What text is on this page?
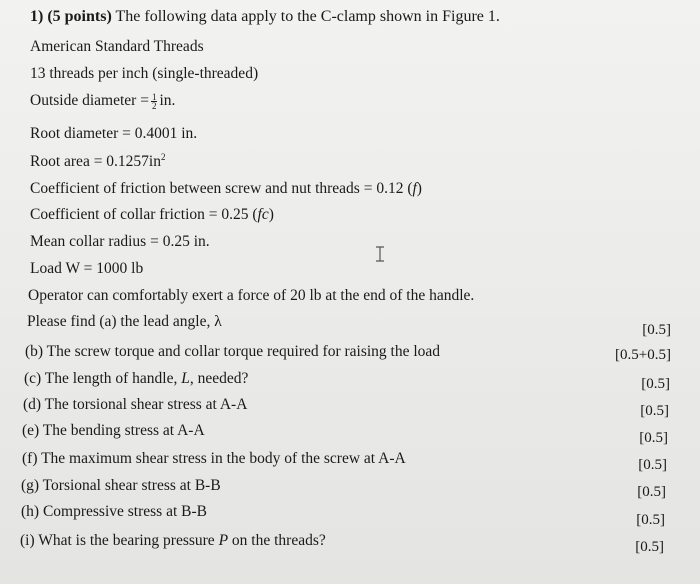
1) (5 points) The following data apply to the C-clamp shown in Figure 1.
American Standard Threads
13 threads per inch (single-threaded)
Outside diameter = $\frac{1}{2}$ in.
Root diameter = 0.4001 in.
Root area = $0.1257in^2$
Coefficient of friction between screw and nut threads = 0.12 (f)
Coefficient of collar friction = 0.25 (fc)
Mean collar radius = 0.25 in.
Load W = 1000 lb
Operator can comfortably exert a force of 20 lb at the end of the handle.
Please find (a) the lead angle, λ
(b) The screw torque and collar torque required for raising the load
(c) The length of handle, L, needed?
(d) The torsional shear stress at A-A
(e) The bending stress at A-A
(f) The maximum shear stress in the body of the screw at A-A
(g) Torsional shear stress at B-B
(h) Compressive stress at B-B
(i) What is the bearing pressure P on the threads?
[0.5]
[0.5+0.5]
[0.5]
[0.5]
[0.5]
[0.5]
[0.5]
[0.5]
[0.5]
